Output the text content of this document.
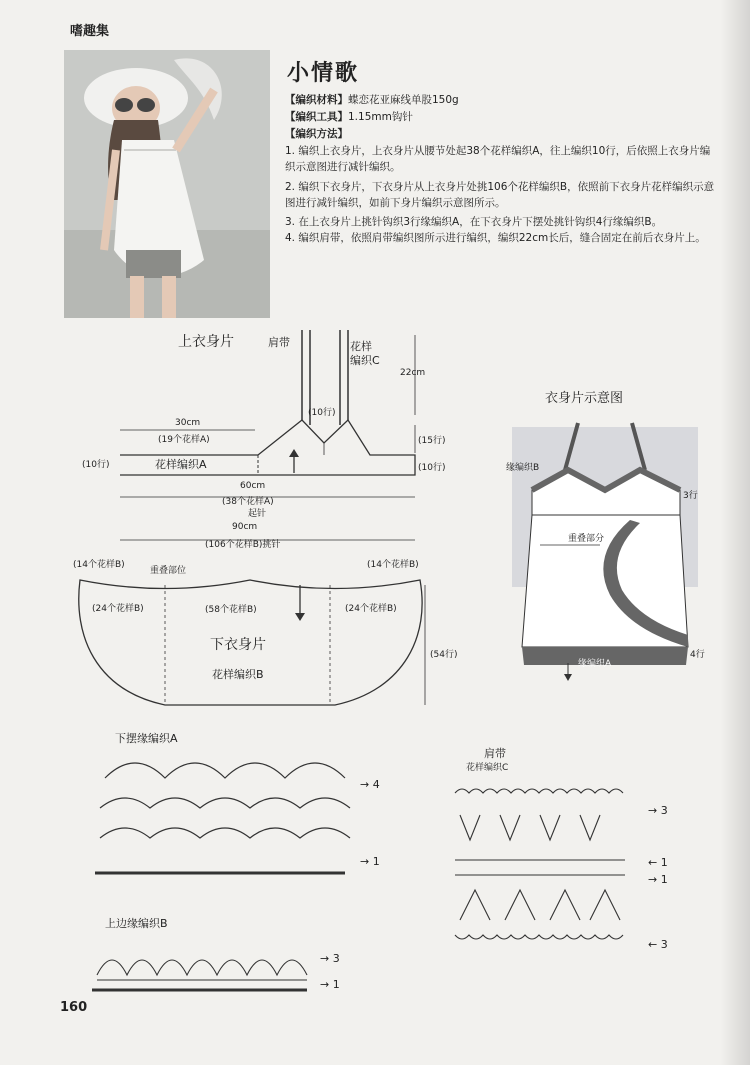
嗜趣集
小情歌
【编织材料】蝶恋花亚麻线单股150g
【编织工具】1.15mm钩针
【编织方法】
1. 编织上衣身片，上衣身片从腰节处起38个花样编织A，往上编织10行，后依照上衣身片编织示意图进行减针编织。
2. 编织下衣身片，下衣身片从上衣身片处挑106个花样编织B，依照前下衣身片花样编织示意图进行减针编织，如前下身片编织示意图所示。
3. 在上衣身片上挑针钩织3行缘编织A，在下衣身片下摆处挑针钩织4行缘编织B。
4. 编织肩带，依照肩带编织图所示进行编织，编织22cm长后，缝合固定在前后衣身片上。
上衣身片	肩带	花样
编织C
22cm
(10行)
30cm
(19个花样A)	(15行)
(10行)	花样编织A	(10行)
60cm
(38个花样A)
起针
90cm
(106个花样B)挑针
(14个花样B)
重叠部位
(14个花样B)
(24个花样B)	(58个花样B)	(24个花样B)
下衣身片
花样编织B
(54行)
衣身片示意图
缘编织B
3行
重叠部分
缘编织A
4行
下摆缘编织A
→ 4
→ 1
肩带
花样编织C
→ 3
← 1
→ 1
← 3
上边缘编织B
→ 3
→ 1
160
